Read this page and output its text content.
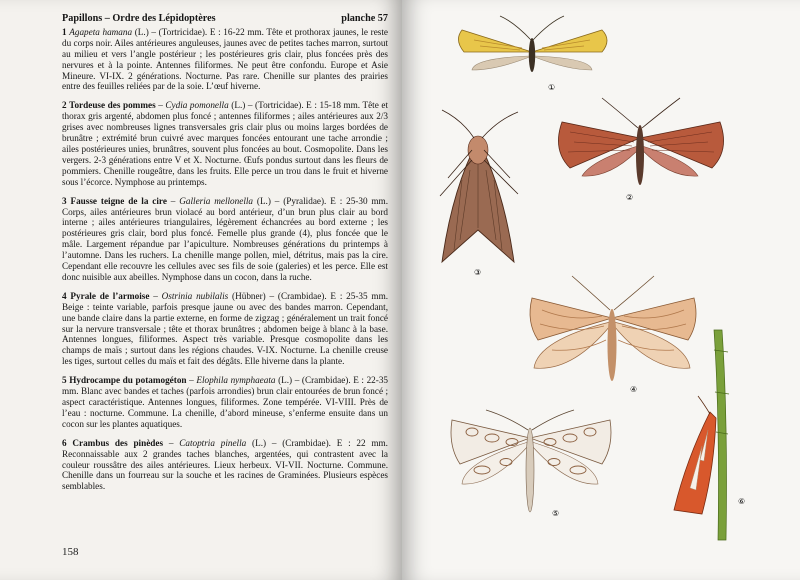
Papillons – Ordre des Lépidoptères	planche 57
1 Agapeta hamana (L.) – (Tortricidae). E : 16-22 mm. Tête et prothorax jaunes, le reste du corps noir. Ailes antérieures anguleuses, jaunes avec de petites taches marron, surtout au milieu et vers l’angle postérieur ; les postérieures gris clair, plus foncées près des nervures et à la pointe. Antennes filiformes. Ne peut être confondu. Europe et Asie Mineure. VI-IX. 2 générations. Nocturne. Pas rare. Chenille sur plantes des prairies entre des feuilles reliées par de la soie. L’œuf hiverne.
2 Tordeuse des pommes – Cydia pomonella (L.) – (Tortricidae). E : 15-18 mm. Tête et thorax gris argenté, abdomen plus foncé ; antennes filiformes ; ailes antérieures aux 2/3 grises avec nombreuses lignes transversales gris clair plus ou moins larges bordées de brunâtre ; extrémité brun cuivré avec marques foncées entourant une tache arrondie ; ailes postérieures unies, brunâtres, souvent plus foncées au bout. Cosmopolite. Dans les vergers. 2-3 générations entre V et X. Nocturne. Œufs pondus surtout dans les fleurs de pommiers. Chenille rougeâtre, dans les fruits. Elle perce un trou dans le fruit et hiverne sous l’écorce. Nymphose au printemps.
3 Fausse teigne de la cire – Galleria mellonella (L.) – (Pyralidae). E : 25-30 mm. Corps, ailes antérieures brun violacé au bord antérieur, d’un brun plus clair au bord interne ; ailes antérieures triangulaires, légèrement échancrées au bord externe ; les postérieures gris clair, bord plus foncé. Femelle plus grande (4), plus foncée que le mâle. Largement répandue par l’apiculture. Nombreuses générations du printemps à l’automne. Dans les ruchers. La chenille mange pollen, miel, détritus, mais pas la cire. Cependant elle recouvre les cellules avec ses fils de soie (galeries) et les perce. Elle est donc nuisible aux abeilles. Nymphose dans un cocon, dans la ruche.
4 Pyrale de l’armoise – Ostrinia nubilalis (Hübner) – (Crambidae). E : 25-35 mm. Beige : teinte variable, parfois presque jaune ou avec des bandes marron. Cependant, une bande claire dans la partie externe, en forme de zigzag ; généralement un trait foncé sur la nervure transversale ; tête et thorax brunâtres ; abdomen beige à blanc à la base. Antennes longues, filiformes. Aspect très variable. Presque cosmopolite dans les champs de maïs ; surtout dans les régions chaudes. V-IX. Nocturne. La chenille creuse les tiges, surtout celles du maïs et fait des dégâts. Elle hiverne dans la plante.
5 Hydrocampe du potamogéton – Elophila nymphaeata (L.) – (Crambidae). E : 22-35 mm. Blanc avec bandes et taches (parfois arrondies) brun clair entourées de brun foncé ; aspect caractéristique. Antennes longues, filiformes. Zone tempérée. VI-VIII. Près de l’eau : nocturne. Commune. La chenille, d’abord mineuse, s’enferme ensuite dans un cocon sur les plantes aquatiques.
6 Crambus des pinèdes – Catoptria pinella (L.) – (Crambidae). E : 22 mm. Reconnaissable aux 2 grandes taches blanches, argentées, qui contrastent avec la couleur roussâtre des ailes antérieures. Lieux herbeux. VI-VII. Nocturne. Commune. Chenille dans un fourreau sur la souche et les racines de Graminées. Plusieurs espèces semblables.
158
①
②
③
④
⑤
⑥
